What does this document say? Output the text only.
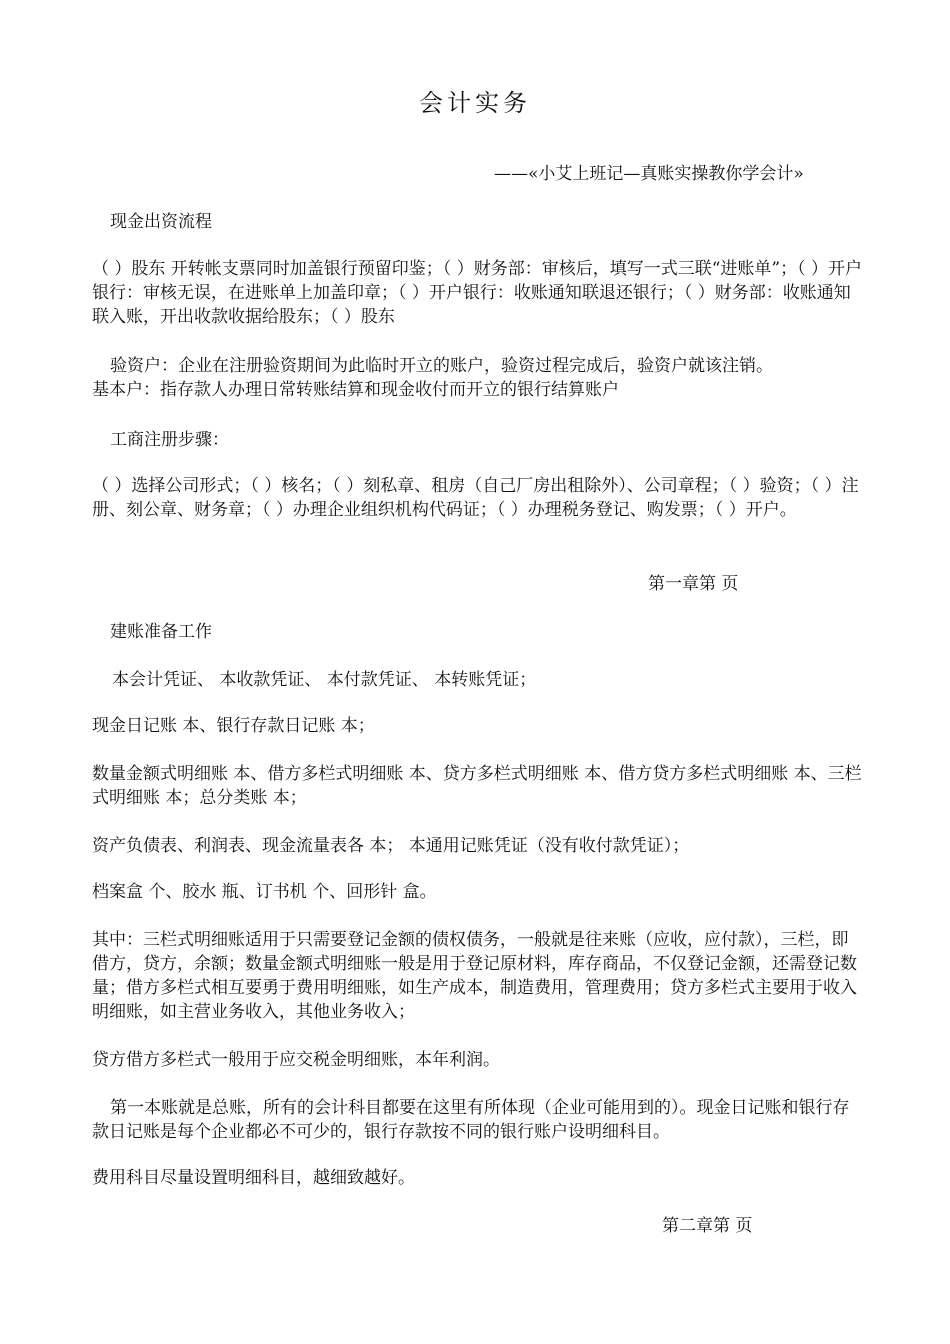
会计实务
——«小艾上班记—真账实操教你学会计»
现金出资流程
（ ）股东 开转帐支票同时加盖银行预留印鉴；（ ）财务部：审核后，填写一式三联“进账单”；（ ）开户银行：审核无误，在进账单上加盖印章；（ ）开户银行：收账通知联退还银行；（ ）财务部：收账通知联入账，开出收款收据给股东；（ ）股东
验资户：企业在注册验资期间为此临时开立的账户，验资过程完成后，验资户就该注销。
基本户：指存款人办理日常转账结算和现金收付而开立的银行结算账户
工商注册步骤：
（ ）选择公司形式；（ ）核名；（ ）刻私章、租房（自己厂房出租除外）、公司章程；（ ）验资；（ ）注册、刻公章、财务章；（ ）办理企业组织机构代码证；（ ）办理税务登记、购发票；（ ）开户。
第一章第 页
建账准备工作
本会计凭证、 本收款凭证、 本付款凭证、 本转账凭证；
现金日记账 本、银行存款日记账 本；
数量金额式明细账 本、借方多栏式明细账 本、贷方多栏式明细账 本、借方贷方多栏式明细账 本、三栏式明细账 本；总分类账 本；
资产负债表、利润表、现金流量表各 本； 本通用记账凭证（没有收付款凭证）；
档案盒 个、胶水 瓶、订书机 个、回形针 盒。
其中：三栏式明细账适用于只需要登记金额的债权债务，一般就是往来账（应收，应付款），三栏，即借方，贷方，余额；数量金额式明细账一般是用于登记原材料，库存商品，不仅登记金额，还需登记数量；借方多栏式相互要勇于费用明细账，如生产成本，制造费用，管理费用；贷方多栏式主要用于收入明细账，如主营业务收入，其他业务收入；
贷方借方多栏式一般用于应交税金明细账，本年利润。
第一本账就是总账，所有的会计科目都要在这里有所体现（企业可能用到的）。现金日记账和银行存款日记账是每个企业都必不可少的，银行存款按不同的银行账户设明细科目。
费用科目尽量设置明细科目，越细致越好。
第二章第 页
